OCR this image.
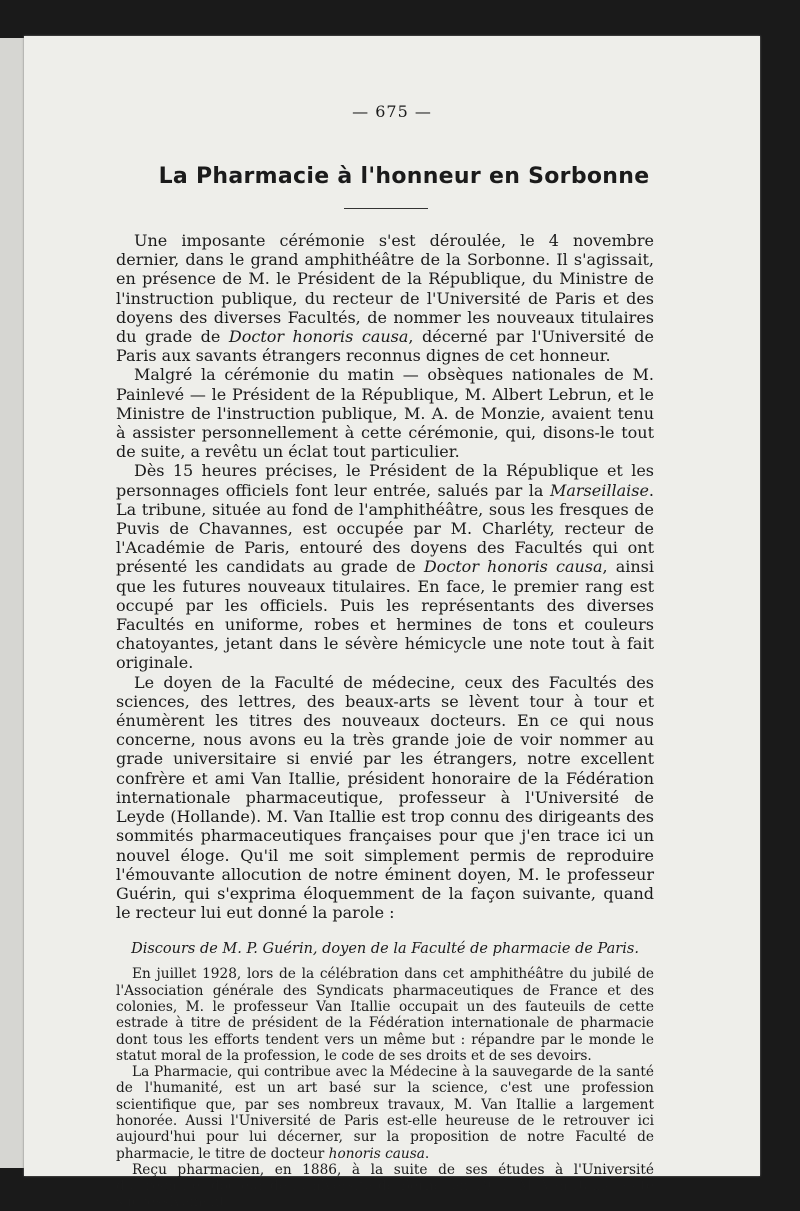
— 675 —
La Pharmacie à l'honneur en Sorbonne

Une imposante cérémonie s'est déroulée, le 4 novembre dernier, dans le grand amphithéâtre de la Sorbonne. Il s'agissait, en présence de M. le Président de la République, du Ministre de l'instruction publique, du recteur de l'Université de Paris et des doyens des diverses Facultés, de nommer les nouveaux titulaires du grade de Doctor honoris causa, décerné par l'Université de Paris aux savants étrangers reconnus dignes de cet honneur.

Malgré la cérémonie du matin — obsèques nationales de M. Painlevé — le Président de la République, M. Albert Lebrun, et le Ministre de l'instruction publique, M. A. de Monzie, avaient tenu à assister personnellement à cette cérémonie, qui, disons-le tout de suite, a revêtu un éclat tout particulier.

Dès 15 heures précises, le Président de la République et les personnages officiels font leur entrée, salués par la Marseillaise. La tribune, située au fond de l'amphithéâtre, sous les fresques de Puvis de Chavannes, est occupée par M. Charléty, recteur de l'Académie de Paris, entouré des doyens des Facultés qui ont présenté les candidats au grade de Doctor honoris causa, ainsi que les futures nouveaux titulaires. En face, le premier rang est occupé par les officiels. Puis les représentants des diverses Facultés en uniforme, robes et hermines de tons et couleurs chatoyantes, jetant dans le sévère hémicycle une note tout à fait originale.

Le doyen de la Faculté de médecine, ceux des Facultés des sciences, des lettres, des beaux-arts se lèvent tour à tour et énumèrent les titres des nouveaux docteurs. En ce qui nous concerne, nous avons eu la très grande joie de voir nommer au grade universitaire si envié par les étrangers, notre excellent confrère et ami Van Itallie, président honoraire de la Fédération internationale pharmaceutique, professeur à l'Université de Leyde (Hollande). M. Van Itallie est trop connu des dirigeants des sommités pharmaceutiques françaises pour que j'en trace ici un nouvel éloge. Qu'il me soit simplement permis de reproduire l'émouvante allocution de notre éminent doyen, M. le professeur Guérin, qui s'exprima éloquemment de la façon suivante, quand le recteur lui eut donné la parole :

Discours de M. P. Guérin, doyen de la Faculté de pharmacie de Paris.

En juillet 1928, lors de la célébration dans cet amphithéâtre du jubilé de l'Association générale des Syndicats pharmaceutiques de France et des colonies, M. le professeur Van Itallie occupait un des fauteuils de cette estrade à titre de président de la Fédération internationale de pharmacie dont tous les efforts tendent vers un même but : répandre par le monde le statut moral de la profession, le code de ses droits et de ses devoirs.

La Pharmacie, qui contribue avec la Médecine à la sauvegarde de la santé de l'humanité, est un art basé sur la science, c'est une profession scientifique que, par ses nombreux travaux, M. Van Itallie a largement honorée. Aussi l'Université de Paris est-elle heureuse de le retrouver ici aujourd'hui pour lui décerner, sur la proposition de notre Faculté de pharmacie, le titre de docteur honoris causa.

Reçu pharmacien, en 1886, à la suite de ses études à l'Université d'Utrecht, et docteur de l'Université de Berne, en 1901, M. Van Itallie a été successivement
